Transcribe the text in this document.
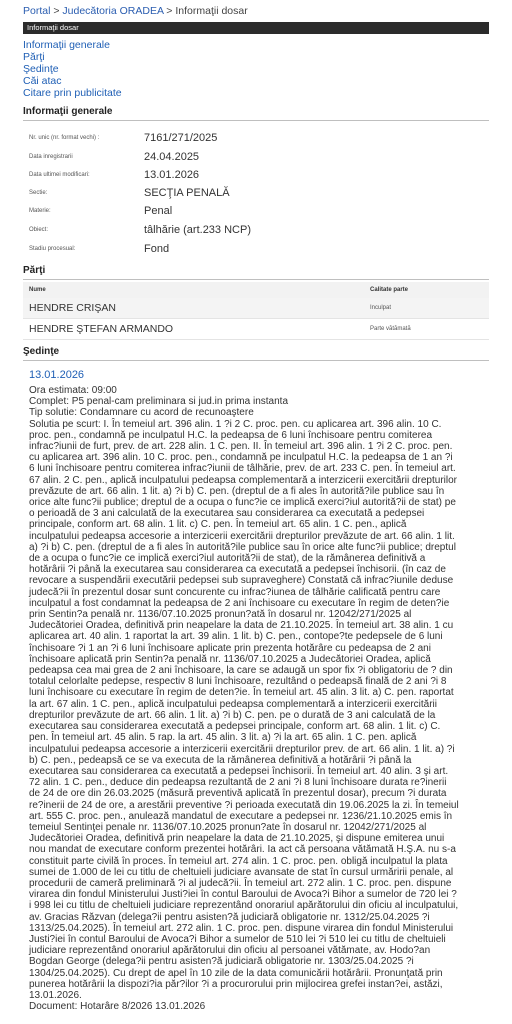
Portal > Judecătoria ORADEA > Informaţii dosar
Informaţii dosar
Informaţii generale
Părţi
Şedinţe
Căi atac
Citare prin publicitate
Informaţii generale
Nr. unic (nr. format vechi) :	7161/271/2025
Data inregistrarii	24.04.2025
Data ultimei modificari:	13.01.2026
Sectie:	SECŢIA PENALĂ
Materie:	Penal
Obiect:	tâlhărie (art.233 NCP)
Stadiu procesual:	Fond
Părţi
Nume	Calitate parte
HENDRE CRIŞAN	Inculpat
HENDRE ŞTEFAN ARMANDO	Parte vătămată
Şedinţe
13.01.2026
Ora estimata: 09:00
Complet: P5 penal-cam preliminara si jud.in prima instanta
Tip solutie: Condamnare cu acord de recunoaştere
Solutia pe scurt: I. În temeiul art. 396 alin. 1 ?i 2 C. proc. pen. cu aplicarea art. 396 alin. 10 C.
proc. pen., condamnă pe inculpatul H.C. la pedeapsa de 6 luni închisoare pentru comiterea
infrac?iunii de furt, prev. de art. 228 alin. 1 C. pen. II. În temeiul art. 396 alin. 1 ?i 2 C. proc. pen.
cu aplicarea art. 396 alin. 10 C. proc. pen., condamnă pe inculpatul H.C. la pedeapsa de 1 an ?i
6 luni închisoare pentru comiterea infrac?iunii de tâlhărie, prev. de art. 233 C. pen. În temeiul art.
67 alin. 2 C. pen., aplică inculpatului pedeapsa complementară a interzicerii exercitării drepturilor
prevăzute de art. 66 alin. 1 lit. a) ?i b) C. pen. (dreptul de a fi ales în autorită?ile publice sau în
orice alte func?ii publice; dreptul de a ocupa o func?ie ce implică exerci?iul autorită?ii de stat) pe
o perioadă de 3 ani calculată de la executarea sau considerarea ca executată a pedepsei
principale, conform art. 68 alin. 1 lit. c) C. pen. În temeiul art. 65 alin. 1 C. pen., aplică
inculpatului pedeapsa accesorie a interzicerii exercitării drepturilor prevăzute de art. 66 alin. 1 lit.
a) ?i b) C. pen. (dreptul de a fi ales în autorită?ile publice sau în orice alte func?ii publice; dreptul
de a ocupa o func?ie ce implică exerci?iul autorită?ii de stat), de la rămânerea definitivă a
hotărârii ?i până la executarea sau considerarea ca executată a pedepsei închisorii. (în caz de
revocare a suspendării executării pedepsei sub supraveghere) Constată că infrac?iunile deduse
judecă?ii în prezentul dosar sunt concurente cu infrac?iunea de tâlhărie calificată pentru care
inculpatul a fost condamnat la pedeapsa de 2 ani închisoare cu executare în regim de deten?ie
prin Sentin?a penală nr. 1136/07.10.2025 pronun?ată în dosarul nr. 12042/271/2025 al
Judecătoriei Oradea, definitivă prin neapelare la data de 21.10.2025. În temeiul art. 38 alin. 1 cu
aplicarea art. 40 alin. 1 raportat la art. 39 alin. 1 lit. b) C. pen., contope?te pedepsele de 6 luni
închisoare ?i 1 an ?i 6 luni închisoare aplicate prin prezenta hotărâre cu pedeapsa de 2 ani
închisoare aplicată prin Sentin?a penală nr. 1136/07.10.2025 a Judecătoriei Oradea, aplică
pedeapsa cea mai grea de 2 ani închisoare, la care se adaugă un spor fix ?i obligatoriu de ? din
totalul celorlalte pedepse, respectiv 8 luni închisoare, rezultând o pedeapsă finală de 2 ani ?i 8
luni închisoare cu executare în regim de deten?ie. În temeiul art. 45 alin. 3 lit. a) C. pen. raportat
la art. 67 alin. 1 C. pen., aplică inculpatului pedeapsa complementară a interzicerii exercitării
drepturilor prevăzute de art. 66 alin. 1 lit. a) ?i b) C. pen. pe o durată de 3 ani calculată de la
executarea sau considerarea executată a pedepsei principale, conform art. 68 alin. 1 lit. c) C.
pen. În temeiul art. 45 alin. 5 rap. la art. 45 alin. 3 lit. a) ?i la art. 65 alin. 1 C. pen. aplică
inculpatului pedeapsa accesorie a interzicerii exercitării drepturilor prev. de art. 66 alin. 1 lit. a) ?i
b) C. pen., pedeapsă ce se va executa de la rămânerea definitivă a hotărârii ?i până la
executarea sau considerarea ca executată a pedepsei închisorii. În temeiul art. 40 alin. 3 şi art.
72 alin. 1 C. pen., deduce din pedeapsa rezultantă de 2 ani ?i 8 luni închisoare durata re?inerii
de 24 de ore din 26.03.2025 (măsură preventivă aplicată în prezentul dosar), precum ?i durata
re?inerii de 24 de ore, a arestării preventive ?i perioada executată din 19.06.2025 la zi. În temeiul
art. 555 C. proc. pen., anulează mandatul de executare a pedepsei nr. 1236/21.10.2025 emis în
temeiul Sentinţei penale nr. 1136/07.10.2025 pronun?ate în dosarul nr. 12042/271/2025 al
Judecătoriei Oradea, definitivă prin neapelare la data de 21.10.2025, şi dispune emiterea unui
nou mandat de executare conform prezentei hotărâri. Ia act că persoana vătămată H.Ş.A. nu s-a
constituit parte civilă în proces. În temeiul art. 274 alin. 1 C. proc. pen. obligă inculpatul la plata
sumei de 1.000 de lei cu titlu de cheltuieli judiciare avansate de stat în cursul urmăririi penale, al
procedurii de cameră preliminară ?i al judecă?ii. În temeiul art. 272 alin. 1 C. proc. pen. dispune
virarea din fondul Ministerului Justi?iei în contul Baroului de Avoca?i Bihor a sumelor de 720 lei ?
i 998 lei cu titlu de cheltuieli judiciare reprezentând onorariul apărătorului din oficiu al inculpatului,
av. Gracias Răzvan (delega?ii pentru asisten?ă judiciară obligatorie nr. 1312/25.04.2025 ?i
1313/25.04.2025). În temeiul art. 272 alin. 1 C. proc. pen. dispune virarea din fondul Ministerului
Justi?iei în contul Baroului de Avoca?i Bihor a sumelor de 510 lei ?i 510 lei cu titlu de cheltuieli
judiciare reprezentând onorariul apărătorului din oficiu al persoanei vătămate, av. Hodo?an
Bogdan George (delega?ii pentru asisten?ă judiciară obligatorie nr. 1303/25.04.2025 ?i
1304/25.04.2025). Cu drept de apel în 10 zile de la data comunicării hotărârii. Pronunţată prin
punerea hotărârii la dispozi?ia păr?ilor ?i a procurorului prin mijlocirea grefei instan?ei, astăzi,
13.01.2026.
Document: Hotarâre 8/2026 13.01.2026
